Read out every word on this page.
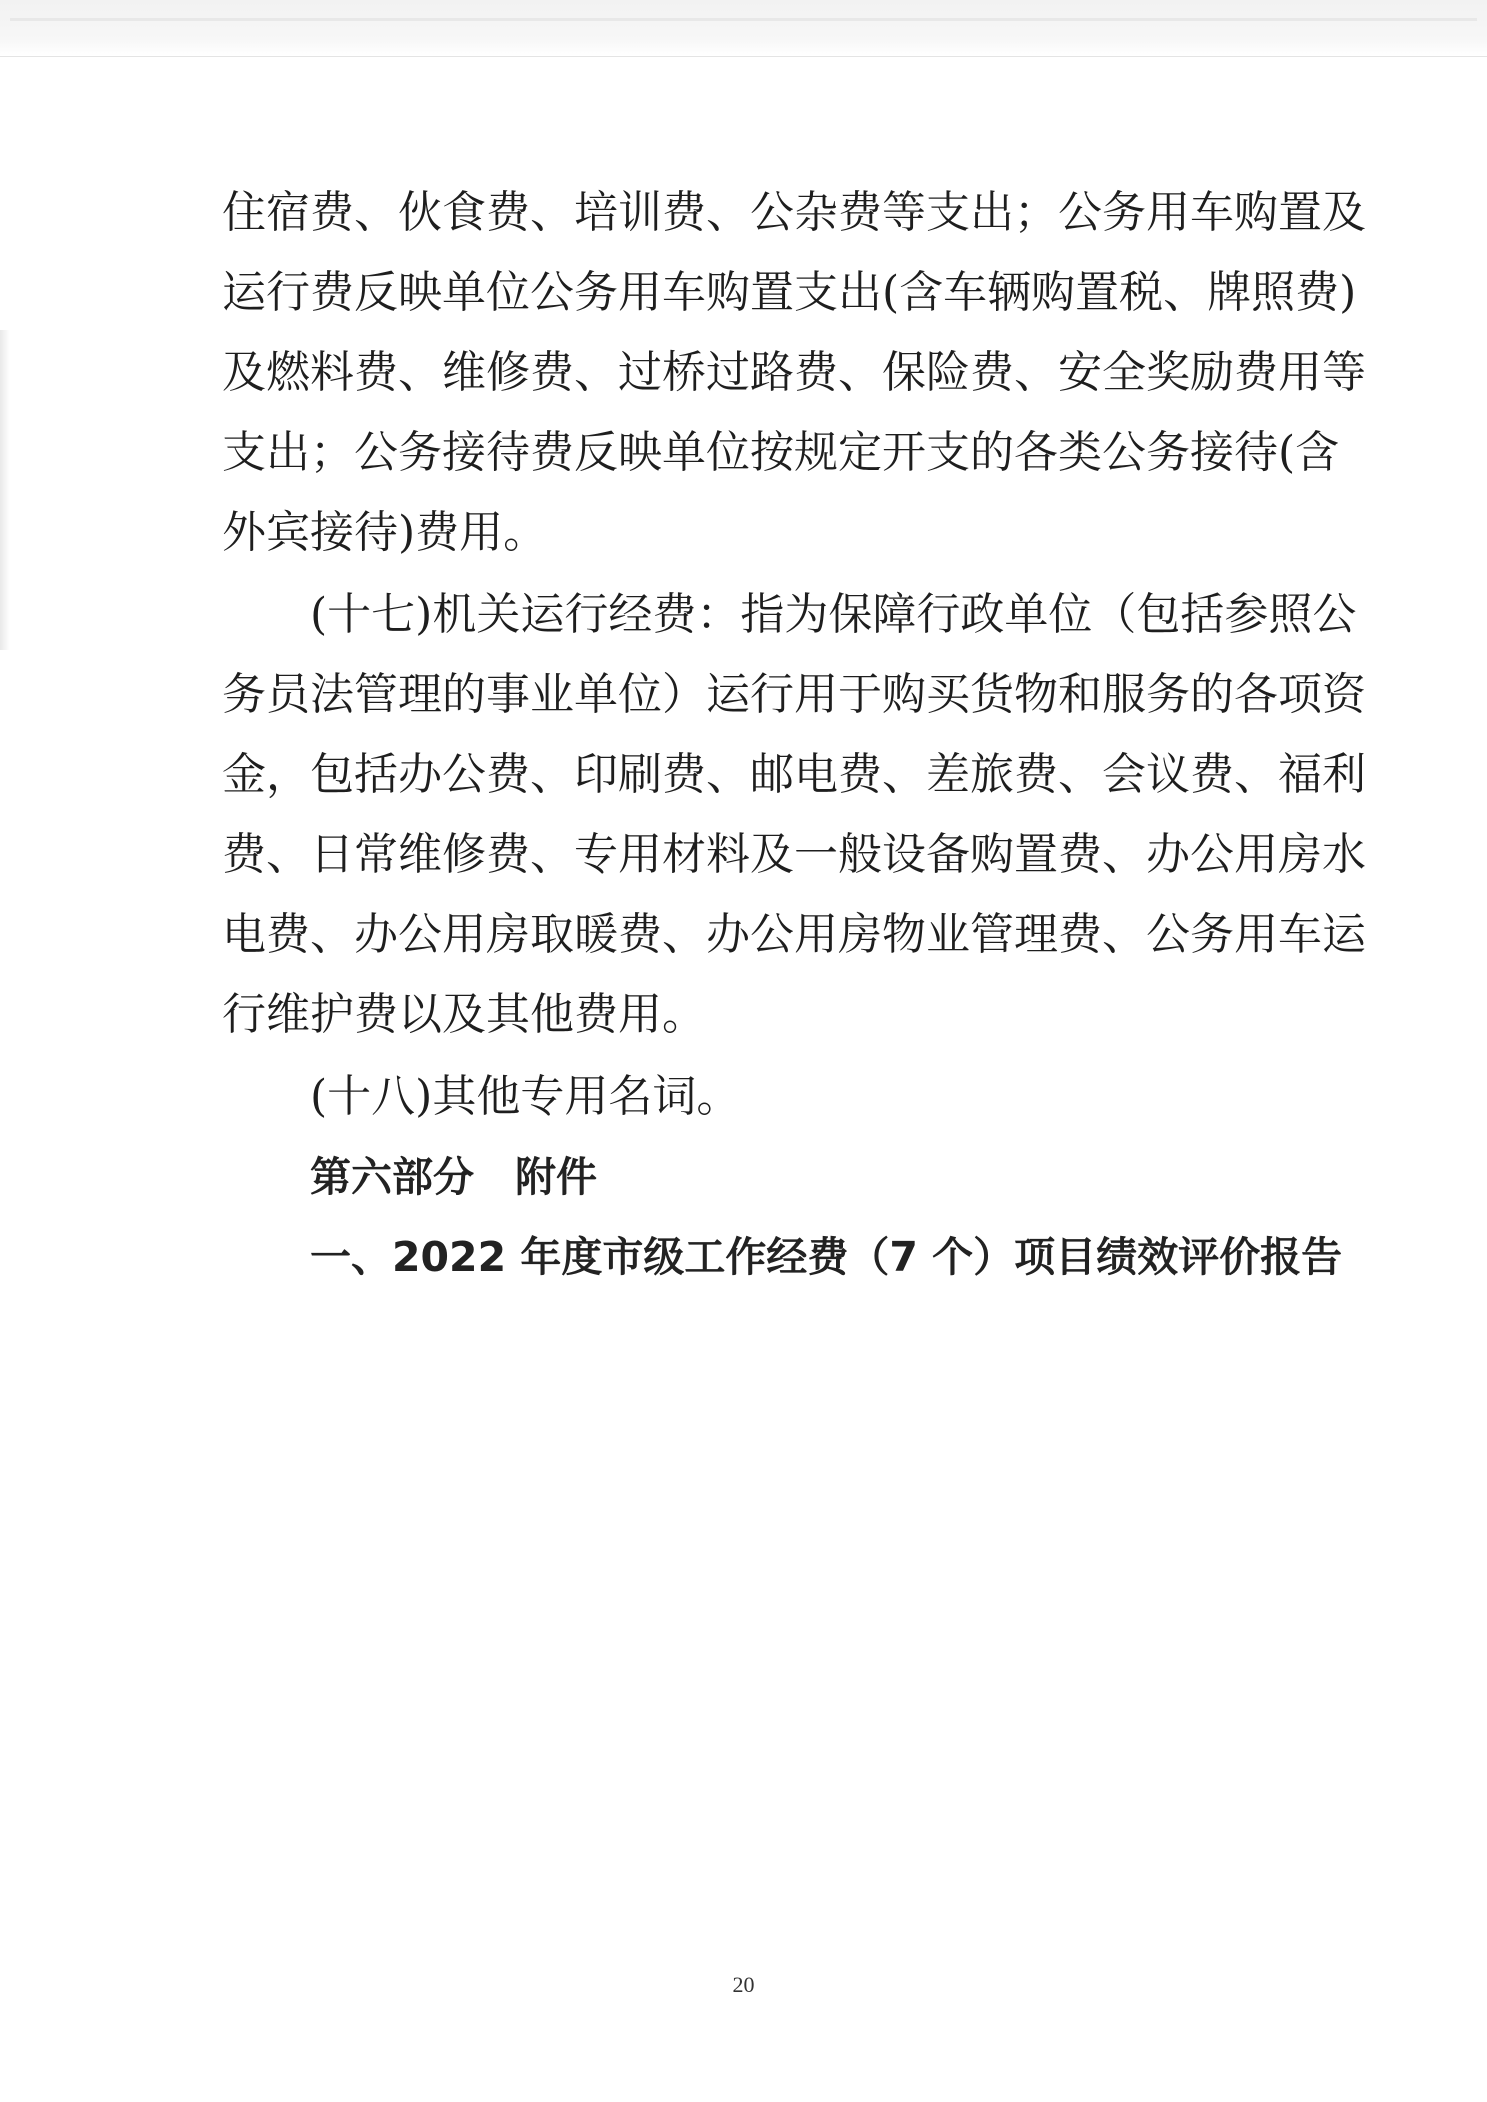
住宿费、伙食费、培训费、公杂费等支出；公务用车购置及
运行费反映单位公务用车购置支出(含车辆购置税、牌照费)
及燃料费、维修费、过桥过路费、保险费、安全奖励费用等
支出；公务接待费反映单位按规定开支的各类公务接待(含
外宾接待)费用。
(十七)机关运行经费：指为保障行政单位（包括参照公
务员法管理的事业单位）运行用于购买货物和服务的各项资
金，包括办公费、印刷费、邮电费、差旅费、会议费、福利
费、日常维修费、专用材料及一般设备购置费、办公用房水
电费、办公用房取暖费、办公用房物业管理费、公务用车运
行维护费以及其他费用。
(十八)其他专用名词。
第六部分　附件
一、2022 年度市级工作经费（7 个）项目绩效评价报告
20
